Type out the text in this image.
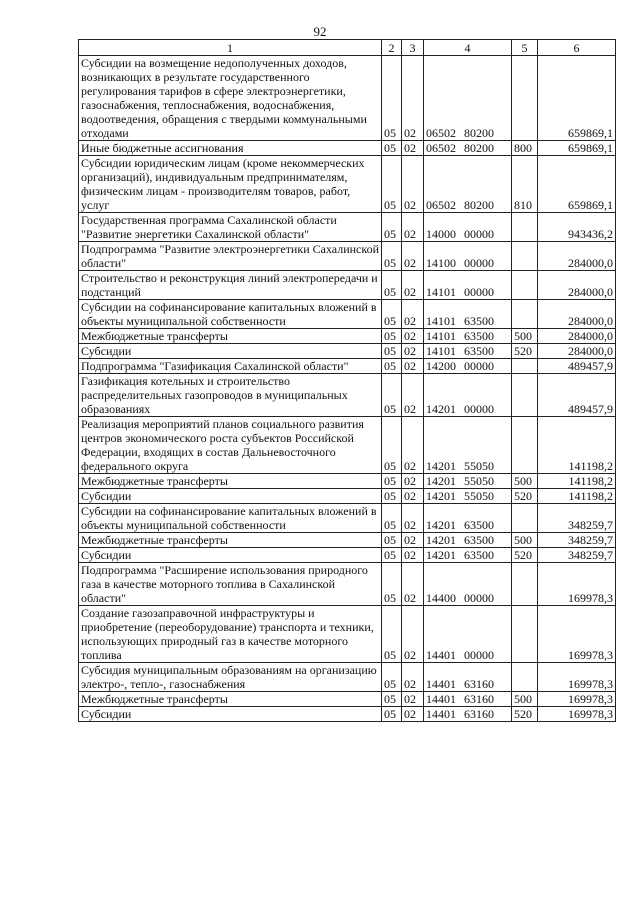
92
1	2	3	4	5	6
Субсидии на возмещение недополученных доходов, возникающих в результате государственного регулирования тарифов в сфере электроэнергетики, газоснабжения, теплоснабжения, водоснабжения, водоотведения, обращения с твердыми коммунальными отходами	05	02	06502 80200		659869,1
Иные бюджетные ассигнования	05	02	06502 80200	800	659869,1
Субсидии юридическим лицам (кроме некоммерческих организаций), индивидуальным предпринимателям, физическим лицам - производителям товаров, работ, услуг	05	02	06502 80200	810	659869,1
Государственная программа Сахалинской области "Развитие энергетики Сахалинской области"	05	02	14000 00000		943436,2
Подпрограмма "Развитие электроэнергетики Сахалинской области"	05	02	14100 00000		284000,0
Строительство и реконструкция линий электропередачи и подстанций	05	02	14101 00000		284000,0
Субсидии на софинансирование капитальных вложений в объекты муниципальной собственности	05	02	14101 63500		284000,0
Межбюджетные трансферты	05	02	14101 63500	500	284000,0
Субсидии	05	02	14101 63500	520	284000,0
Подпрограмма "Газификация Сахалинской области"	05	02	14200 00000		489457,9
Газификация котельных и строительство распределительных газопроводов в муниципальных образованиях	05	02	14201 00000		489457,9
Реализация мероприятий планов социального развития центров экономического роста субъектов Российской Федерации, входящих в состав Дальневосточного федерального округа	05	02	14201 55050		141198,2
Межбюджетные трансферты	05	02	14201 55050	500	141198,2
Субсидии	05	02	14201 55050	520	141198,2
Субсидии на софинансирование капитальных вложений в объекты муниципальной собственности	05	02	14201 63500		348259,7
Межбюджетные трансферты	05	02	14201 63500	500	348259,7
Субсидии	05	02	14201 63500	520	348259,7
Подпрограмма "Расширение использования природного газа в качестве моторного топлива в Сахалинской области"	05	02	14400 00000		169978,3
Создание газозаправочной инфраструктуры и приобретение (переоборудование) транспорта и техники, использующих природный газ в качестве моторного топлива	05	02	14401 00000		169978,3
Субсидия муниципальным образованиям на организацию электро-, тепло-, газоснабжения	05	02	14401 63160		169978,3
Межбюджетные трансферты	05	02	14401 63160	500	169978,3
Субсидии	05	02	14401 63160	520	169978,3
